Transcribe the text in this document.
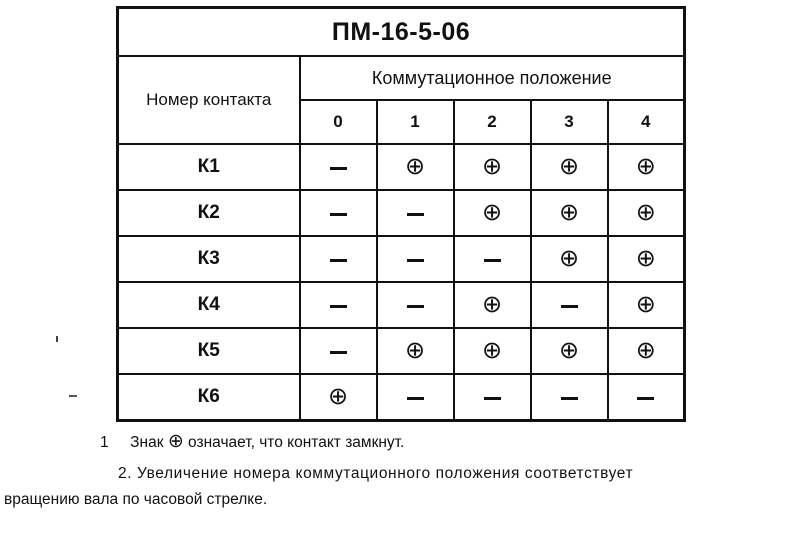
ПМ-16-5-06					
Номер контакта	Коммутационное положение				
	0	1	2	3	4
К1		⊕	⊕	⊕	⊕
К2			⊕	⊕	⊕
К3				⊕	⊕
К4			⊕		⊕
К5		⊕	⊕	⊕	⊕
К6	⊕				
1 Знак ⊕ означает, что контакт замкнут.
2. Увеличение номера коммутационного положения соответствует
вращению вала по часовой стрелке.
